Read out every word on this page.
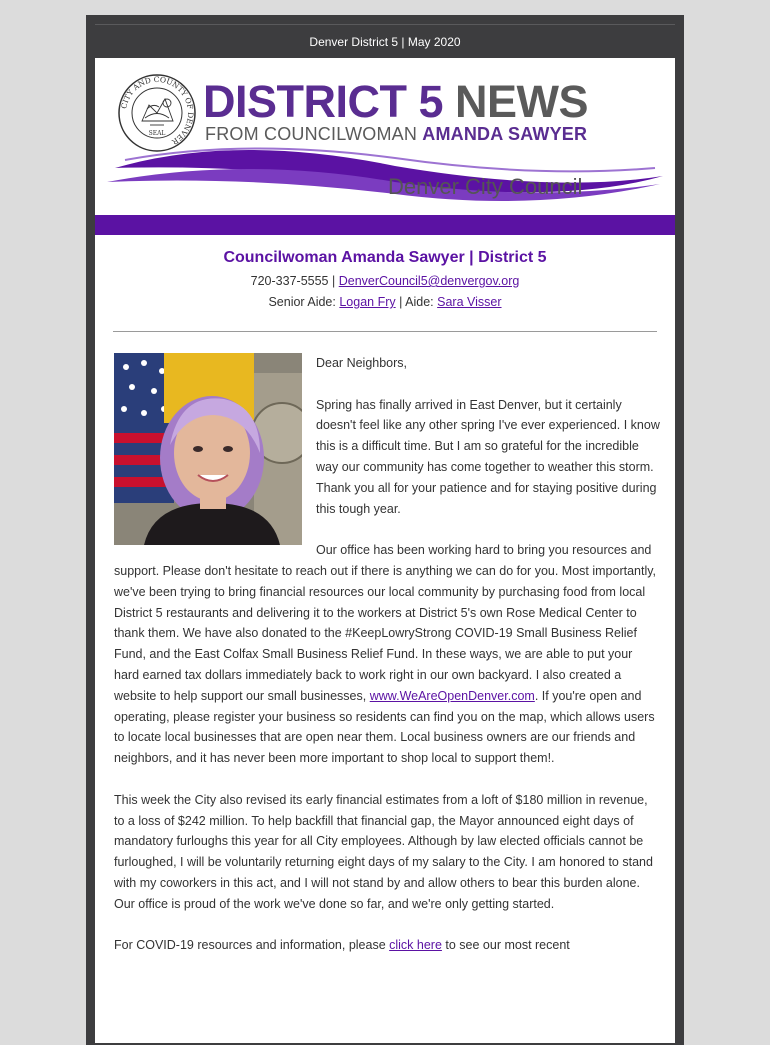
Denver District 5 | May 2020
CITY AND COUNTY OF DENVER
SEAL
DISTRICT 5 NEWS
FROM COUNCILWOMAN AMANDA SAWYER
Denver City Council
Councilwoman Amanda Sawyer | District 5
720-337-5555 | DenverCouncil5@denvergov.org
Senior Aide: Logan Fry | Aide: Sara Visser

Dear Neighbors,

Spring has finally arrived in East Denver, but it certainly doesn't feel like any other spring I've ever experienced. I know this is a difficult time. But I am so grateful for the incredible way our community has come together to weather this storm. Thank you all for your patience and for staying positive during this tough year.

Our office has been working hard to bring you resources and support. Please don't hesitate to reach out if there is anything we can do for you. Most importantly, we've been trying to bring financial resources our local community by purchasing food from local District 5 restaurants and delivering it to the workers at District 5's own Rose Medical Center to thank them. We have also donated to the #KeepLowryStrong COVID-19 Small Business Relief Fund, and the East Colfax Small Business Relief Fund. In these ways, we are able to put your hard earned tax dollars immediately back to work right in our own backyard. I also created a website to help support our small businesses, www.WeAreOpenDenver.com. If you're open and operating, please register your business so residents can find you on the map, which allows users to locate local businesses that are open near them. Local business owners are our friends and neighbors, and it has never been more important to shop local to support them!.

This week the City also revised its early financial estimates from a loft of $180 million in revenue, to a loss of $242 million. To help backfill that financial gap, the Mayor announced eight days of mandatory furloughs this year for all City employees. Although by law elected officials cannot be furloughed, I will be voluntarily returning eight days of my salary to the City. I am honored to stand with my coworkers in this act, and I will not stand by and allow others to bear this burden alone. Our office is proud of the work we've done so far, and we're only getting started.

For COVID-19 resources and information, please click here to see our most recent
